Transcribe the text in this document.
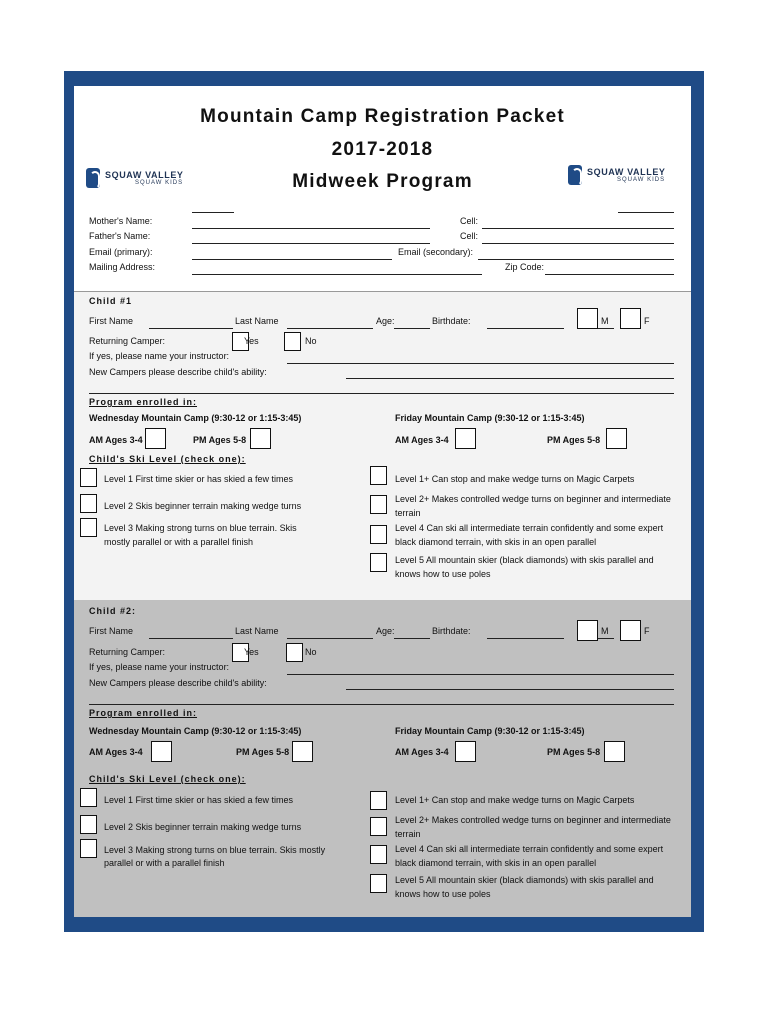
Mountain Camp Registration Packet
2017-2018
Midweek Program
SQUAW VALLEY
SQUAW KIDS
SQUAW VALLEY
SQUAW KIDS
Mother's Name:	Cell:
Father's Name:	Cell:
Email (primary):	Email (secondary):
Mailing Address:	Zip Code:
Child #1
First Name	Last Name	Age:	Birthdate:	M	F
Returning Camper:	Yes	No
If yes, please name your instructor:
New Campers please describe child's ability:
Program enrolled in:
Wednesday Mountain Camp (9:30-12 or 1:15-3:45)	Friday Mountain Camp (9:30-12 or 1:15-3:45)
AM Ages 3-4	PM Ages 5-8	AM Ages 3-4	PM Ages 5-8
Child's Ski Level (check one):
Level 1 First time skier or has skied a few times
Level 2 Skis beginner terrain making wedge turns
Level 3 Making strong turns on blue terrain. Skis
mostly parallel or with a parallel finish
Level 1+ Can stop and make wedge turns on Magic Carpets
Level 2+ Makes controlled wedge turns on beginner and intermediate
terrain
Level 4 Can ski all intermediate terrain confidently and some expert
black diamond terrain, with skis in an open parallel
Level 5 All mountain skier (black diamonds) with skis parallel and
knows how to use poles
Child #2:
First Name	Last Name	Age:	Birthdate:	M	F
Returning Camper:	Yes	No
If yes, please name your instructor:
New Campers please describe child's ability:
Program enrolled in:
Wednesday Mountain Camp (9:30-12 or 1:15-3:45)	Friday Mountain Camp (9:30-12 or 1:15-3:45)
AM Ages 3-4	PM Ages 5-8	AM Ages 3-4	PM Ages 5-8
Child's Ski Level (check one):
Level 1 First time skier or has skied a few times
Level 2 Skis beginner terrain making wedge turns
Level 3 Making strong turns on blue terrain. Skis mostly
parallel or with a parallel finish
Level 1+ Can stop and make wedge turns on Magic Carpets
Level 2+ Makes controlled wedge turns on beginner and intermediate
terrain
Level 4 Can ski all intermediate terrain confidently and some expert
black diamond terrain, with skis in an open parallel
Level 5 All mountain skier (black diamonds) with skis parallel and
knows how to use poles
